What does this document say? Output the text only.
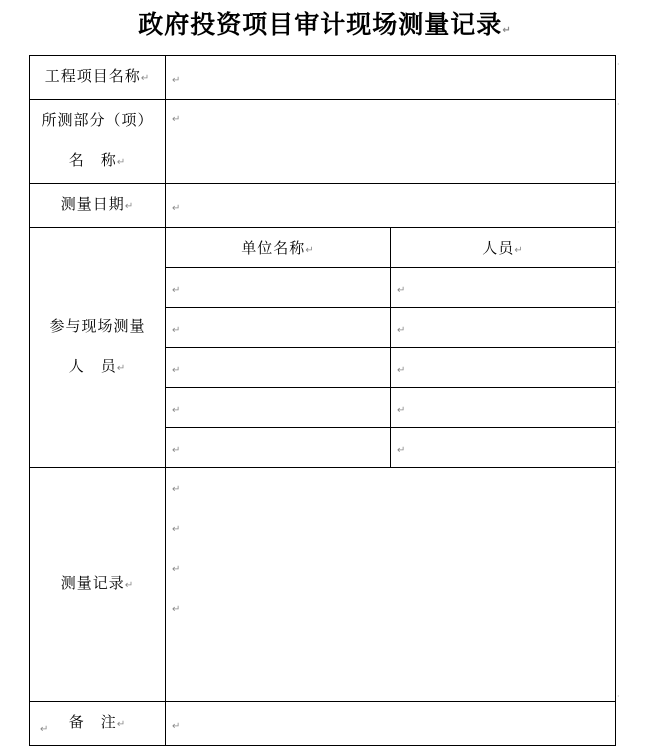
政府投资项目审计现场测量记录↵
工程项目名称↵	↵	

所测部分（项）
名　称↵	↵	
测量日期↵	↵	

参与现场测量
人　员↵	单位名称↵	人员↵
	↵	↵
	↵	↵
	↵	↵
	↵	↵
	↵	↵
测量记录↵	↵
↵
↵
↵	

备　注↵	↵	
·
·
·
·
·
·
·
·
·
·
·
↵
